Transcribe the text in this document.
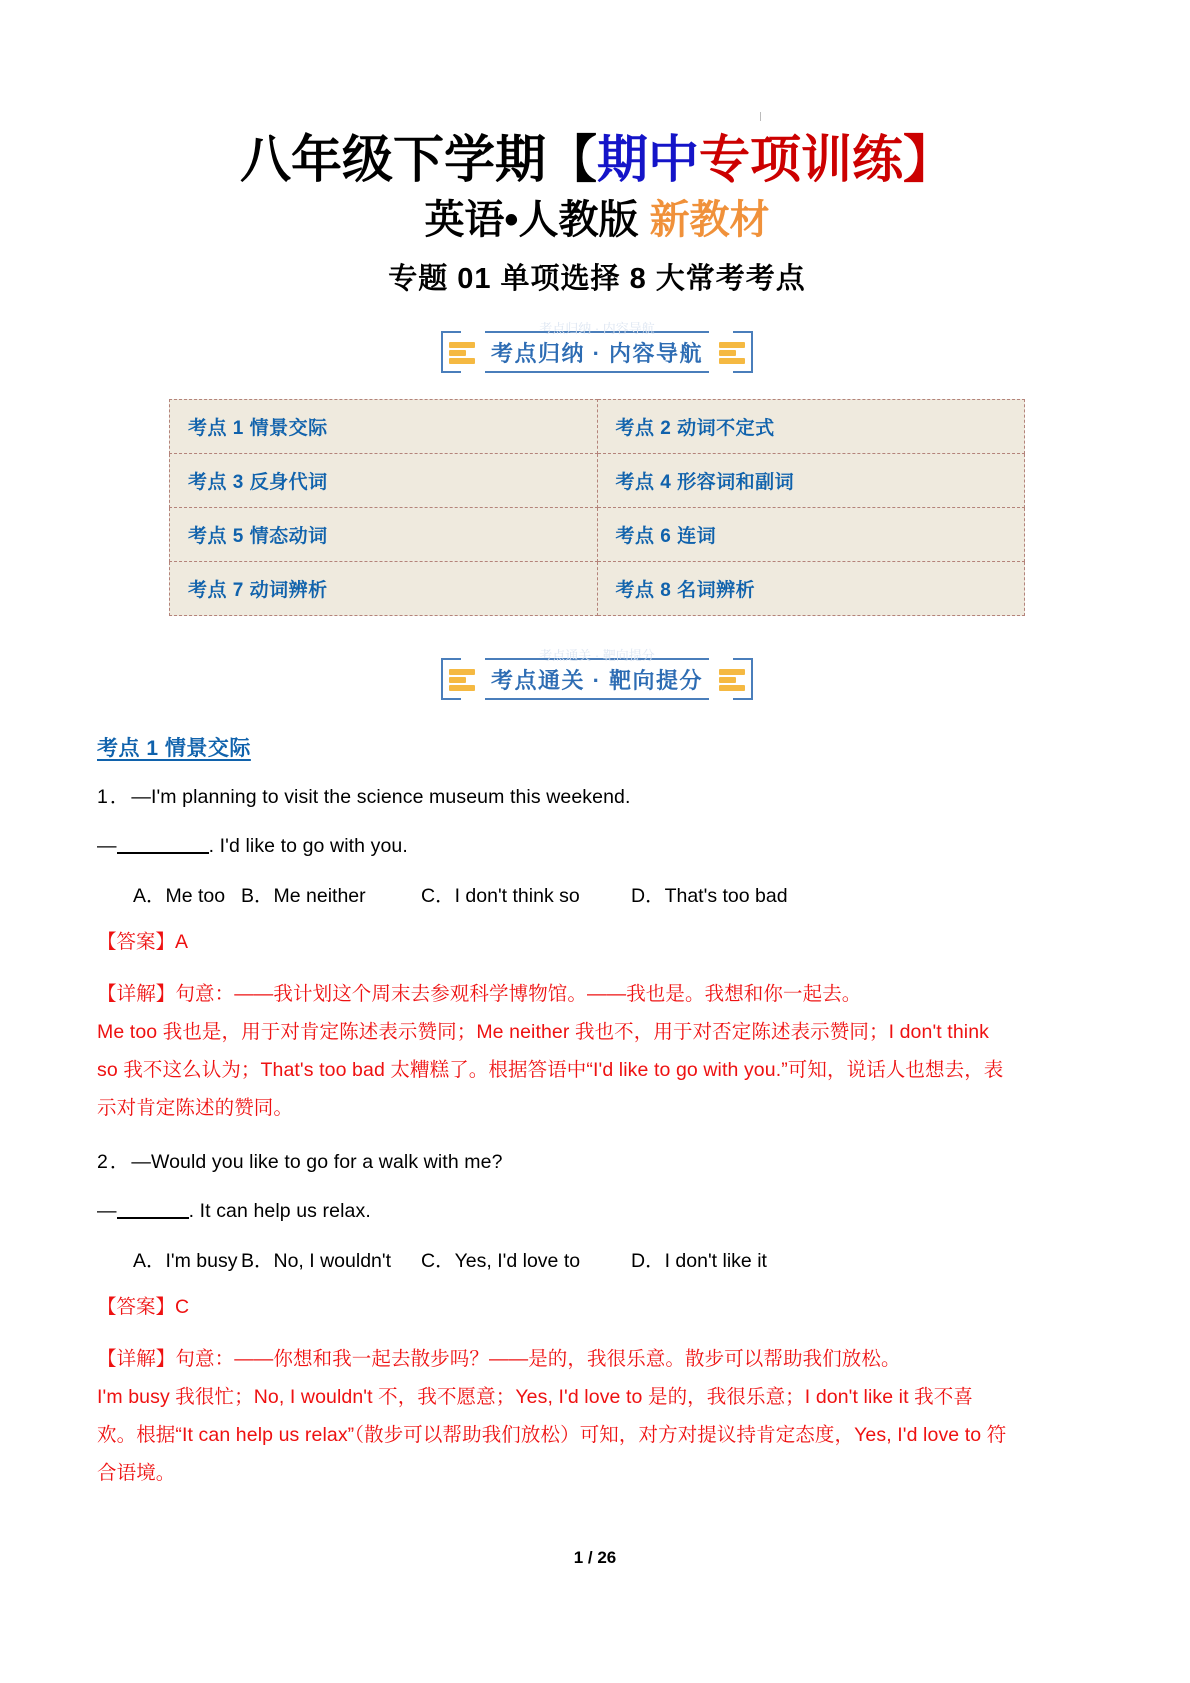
八年级下学期【期中专项训练】
英语•人教版 新教材
专题 01 单项选择 8 大常考考点
考点归纳 · 内容导航
考点归纳 · 内容导航
考点 1 情景交际	考点 2 动词不定式
考点 3 反身代词	考点 4 形容词和副词
考点 5 情态动词	考点 6 连词
考点 7 动词辨析	考点 8 名词辨析
考点通关 · 靶向提分
考点通关 · 靶向提分
考点 1 情景交际
1．—I'm planning to visit the science museum this weekend.
—	. I'd like to go with you.
A．Me too B．Me neither	C．I don't think so	D．That's too bad
【答案】A

【详解】句意：——我计划这个周末去参观科学博物馆。——我也是。我想和你一起去。

Me too 我也是，用于对肯定陈述表示赞同；Me neither 我也不，用于对否定陈述表示赞同；I don't think so 我不这么认为；That's too bad 太糟糕了。根据答语中“I'd like to go with you.”可知，说话人也想去，表示对肯定陈述的赞同。

2．—Would you like to go for a walk with me?
—	. It can help us relax.
A．I'm busy B．No, I wouldn't	C．Yes, I'd love to	D．I don't like it
【答案】C

【详解】句意：——你想和我一起去散步吗？——是的，我很乐意。散步可以帮助我们放松。

I'm busy 我很忙；No, I wouldn't 不，我不愿意；Yes, I'd love to 是的，我很乐意；I don't like it 我不喜欢。根据“It can help us relax”（散步可以帮助我们放松）可知，对方对提议持肯定态度，Yes, I'd love to 符合语境。

1 / 26
